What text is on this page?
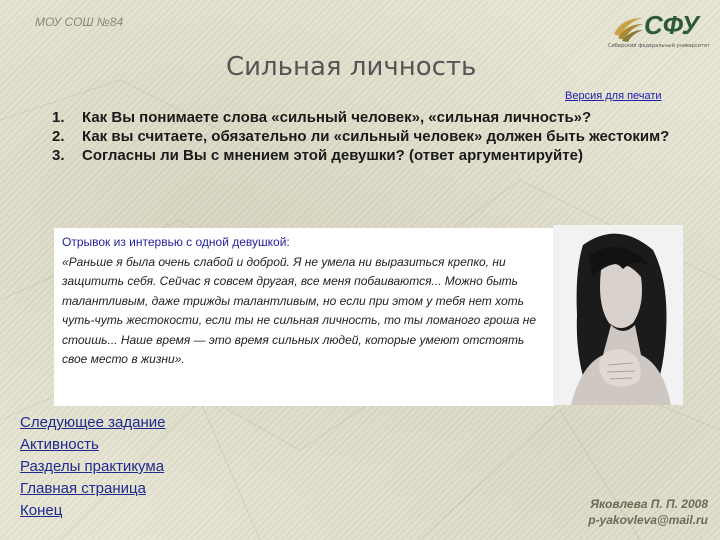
МОУ СОШ №84	СФУ
Сибирский федеральный университет
Сильная личность
Версия для печати
1. Как Вы понимаете слова «сильный человек», «сильная личность»?
2. Как вы считаете, обязательно ли «сильный человек» должен быть жестоким?
3. Согласны ли Вы с мнением этой девушки? (ответ аргументируйте)
Отрывок из интервью с одной девушкой:
«Раньше я была очень слабой и доброй. Я не умела ни выразиться крепко, ни защитить себя. Сейчас я совсем другая, все меня побаиваются... Можно быть талантливым, даже трижды талантливым, но если при этом у тебя нет хоть чуть-чуть жестокости, если ты не сильная личность, то ты ломаного гроша не стоишь... Наше время — это время сильных людей, которые умеют отстоять свое место в жизни».
Следующее задание
Активность
Разделы практикума
Главная страница
Конец	Яковлева П. П. 2008
p-yakovleva@mail.ru
